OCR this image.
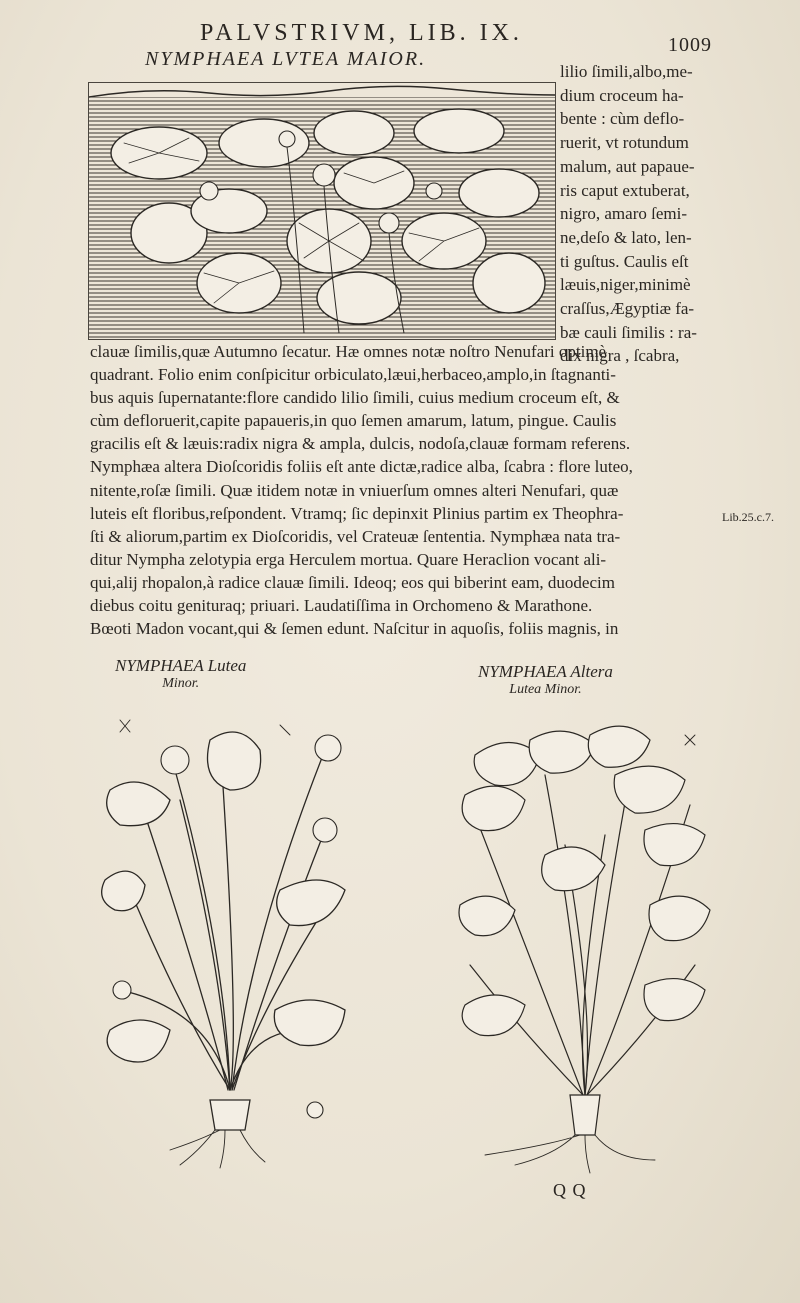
PALVSTRIVM, LIB. IX.	1009
NYMPHAEA LVTEA MAIOR.
lilio ſimili,albo,me-
dium croceum ha-
bente : cùm deflo-
ruerit, vt rotundum
malum, aut papaue-
ris caput extuberat,
nigro, amaro ſemi-
ne,deſo & lato, len-
ti guſtus. Caulis eſt
læuis,niger,minimè
craſſus,Ægyptiæ fa-
bæ cauli ſimilis : ra-
dix nigra , ſcabra,
clauæ ſimilis,quæ Autumno ſecatur. Hæ omnes notæ noſtro Nenufari optimè
quadrant. Folio enim conſpicitur orbiculato,læui,herbaceo,amplo,in ſtagnanti-
bus aquis ſupernatante:flore candido lilio ſimili, cuius medium croceum eſt, &
cùm defloruerit,capite papaueris,in quo ſemen amarum, latum, pingue. Caulis
gracilis eſt & læuis:radix nigra & ampla, dulcis, nodoſa,clauæ formam referens.
Nymphæa altera Dioſcoridis foliis eſt ante dictæ,radice alba, ſcabra : flore luteo,
nitente,roſæ ſimili. Quæ itidem notæ in vniuerſum omnes alteri Nenufari, quæ
luteis eſt floribus,reſpondent. Vtramq; ſic depinxit Plinius partim ex Theophra-
ſti & aliorum,partim ex Dioſcoridis, vel Crateuæ ſententia. Nymphæa nata tra-
ditur Nympha zelotypia erga Herculem mortua. Quare Heraclion vocant ali-
qui,alij rhopalon,à radice clauæ ſimili. Ideoq; eos qui biberint eam, duodecim
diebus coitu genituraq; priuari. Laudatiſſima in Orchomeno & Marathone.
Bœoti Madon vocant,qui & ſemen edunt. Naſcitur in aquoſis, foliis magnis, in
Lib.25.c.7.
NYMPHAEA Lutea
Minor.
NYMPHAEA Altera
Lutea Minor.
Q Q
